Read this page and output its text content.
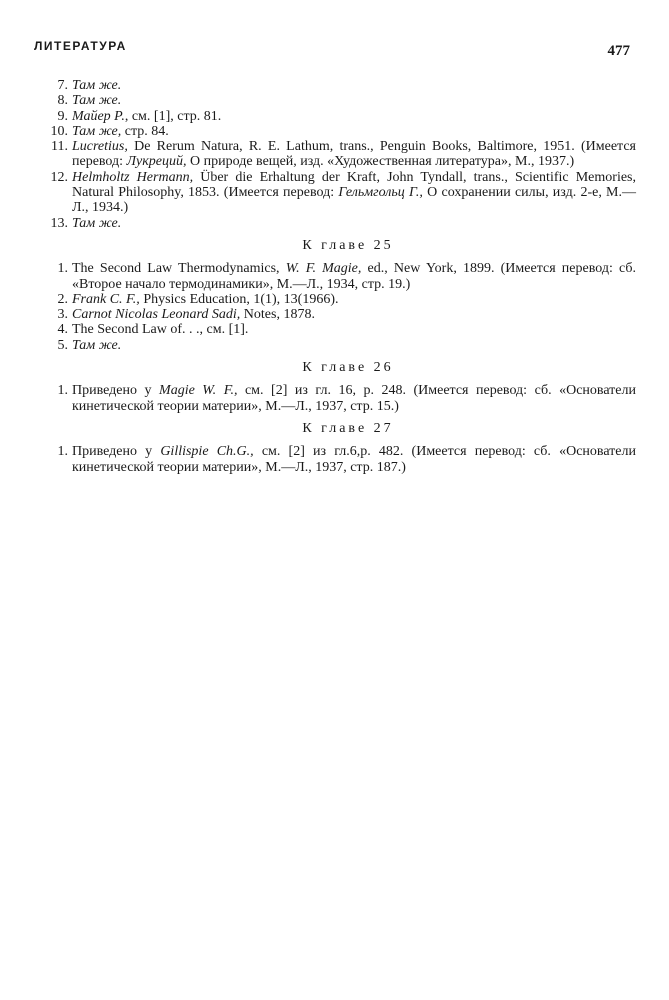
ЛИТЕРАТУРА	477
7. Там же.
8. Там же.
9. Майер Р., см. [1], стр. 81.
10. Там же, стр. 84.
11. Lucretius, De Rerum Natura, R. E. Lathum, trans., Penguin Books, Baltimore, 1951. (Имеется перевод: Лукреций, О природе вещей, изд. «Художественная литература», М., 1937.)
12. Helmholtz Hermann, Über die Erhaltung der Kraft, John Tyndall, trans., Scientific Memories, Natural Philosophy, 1853. (Имеется перевод: Гельмгольц Г., О сохранении силы, изд. 2-е, М.—Л., 1934.)
13. Там же.
К главе 25
1. The Second Law Thermodynamics, W. F. Magie, ed., New York, 1899. (Имеется перевод: сб. «Второе начало термодинамики», М.—Л., 1934, стр. 19.)
2. Frank C. F., Physics Education, 1(1), 13(1966).
3. Carnot Nicolas Leonard Sadi, Notes, 1878.
4. The Second Law of. . ., см. [1].
5. Там же.
К главе 26
1. Приведено у Magie W. F., см. [2] из гл. 16, р. 248. (Имеется перевод: сб. «Основатели кинетической теории материи», М.—Л., 1937, стр. 15.)
К главе 27
1. Приведено у Gillispie Ch.G., см. [2] из гл.6,р. 482. (Имеется перевод: сб. «Основатели кинетической теории материи», М.—Л., 1937, стр. 187.)
